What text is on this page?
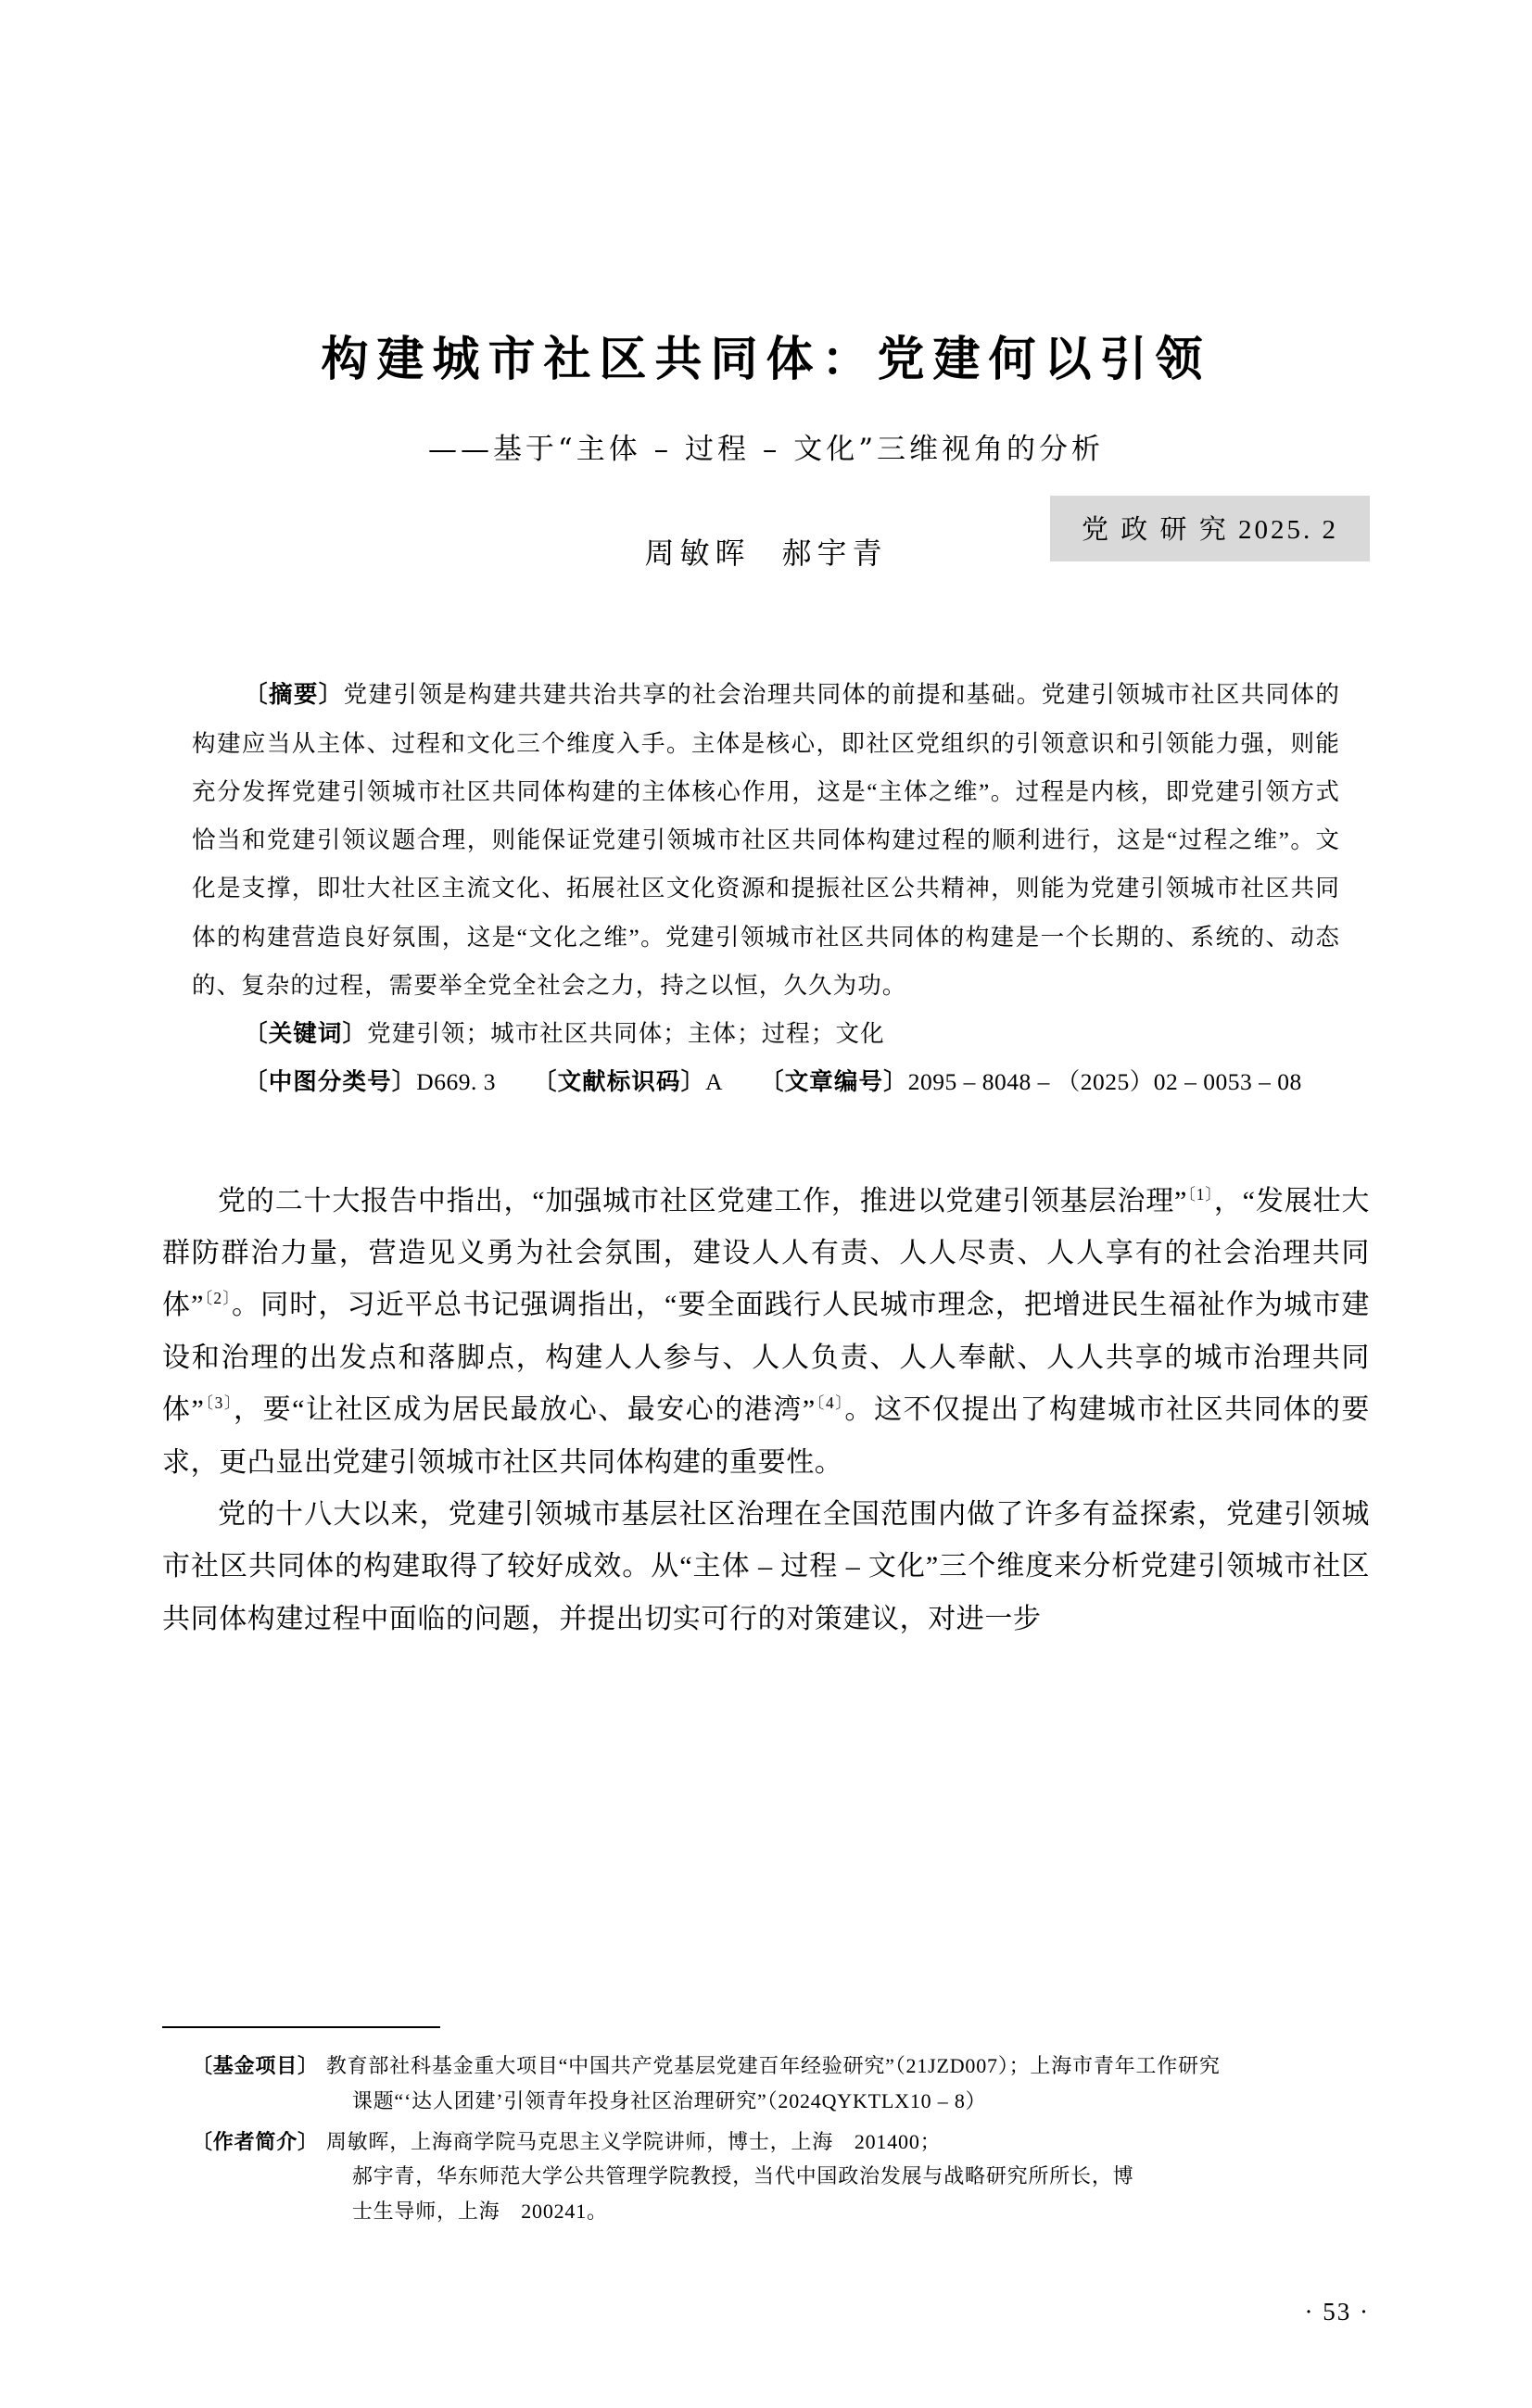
党 政 研 究 2025. 2
构建城市社区共同体：党建何以引领
——基于“主体 – 过程 – 文化”三维视角的分析
周敏晖 郝宇青

〔摘要〕党建引领是构建共建共治共享的社会治理共同体的前提和基础。党建引领城市社区共同体的构建应当从主体、过程和文化三个维度入手。主体是核心，即社区党组织的引领意识和引领能力强，则能充分发挥党建引领城市社区共同体构建的主体核心作用，这是“主体之维”。过程是内核，即党建引领方式恰当和党建引领议题合理，则能保证党建引领城市社区共同体构建过程的顺利进行，这是“过程之维”。文化是支撑，即壮大社区主流文化、拓展社区文化资源和提振社区公共精神，则能为党建引领城市社区共同体的构建营造良好氛围，这是“文化之维”。党建引领城市社区共同体的构建是一个长期的、系统的、动态的、复杂的过程，需要举全党全社会之力，持之以恒，久久为功。

〔关键词〕党建引领；城市社区共同体；主体；过程；文化

〔中图分类号〕D669. 3 〔文献标识码〕A 〔文章编号〕2095 – 8048 – （2025）02 – 0053 – 08

党的二十大报告中指出，“加强城市社区党建工作，推进以党建引领基层治理”$^{〔1〕}$，“发展壮大群防群治力量，营造见义勇为社会氛围，建设人人有责、人人尽责、人人享有的社会治理共同体”$^{〔2〕}$。同时，习近平总书记强调指出，“要全面践行人民城市理念，把增进民生福祉作为城市建设和治理的出发点和落脚点，构建人人参与、人人负责、人人奉献、人人共享的城市治理共同体”$^{〔3〕}$，要“让社区成为居民最放心、最安心的港湾”$^{〔4〕}$。这不仅提出了构建城市社区共同体的要求，更凸显出党建引领城市社区共同体构建的重要性。

党的十八大以来，党建引领城市基层社区治理在全国范围内做了许多有益探索，党建引领城市社区共同体的构建取得了较好成效。从“主体 – 过程 – 文化”三个维度来分析党建引领城市社区共同体构建过程中面临的问题，并提出切实可行的对策建议，对进一步

〔基金项目〕 教育部社科基金重大项目“中国共产党基层党建百年经验研究”（21JZD007）；上海市青年工作研究
课题“‘达人团建’引领青年投身社区治理研究”（2024QYKTLX10 – 8）
〔作者简介〕 周敏晖，上海商学院马克思主义学院讲师，博士，上海　201400；
郝宇青，华东师范大学公共管理学院教授，当代中国政治发展与战略研究所所长，博
士生导师，上海　200241。
· 53 ·
